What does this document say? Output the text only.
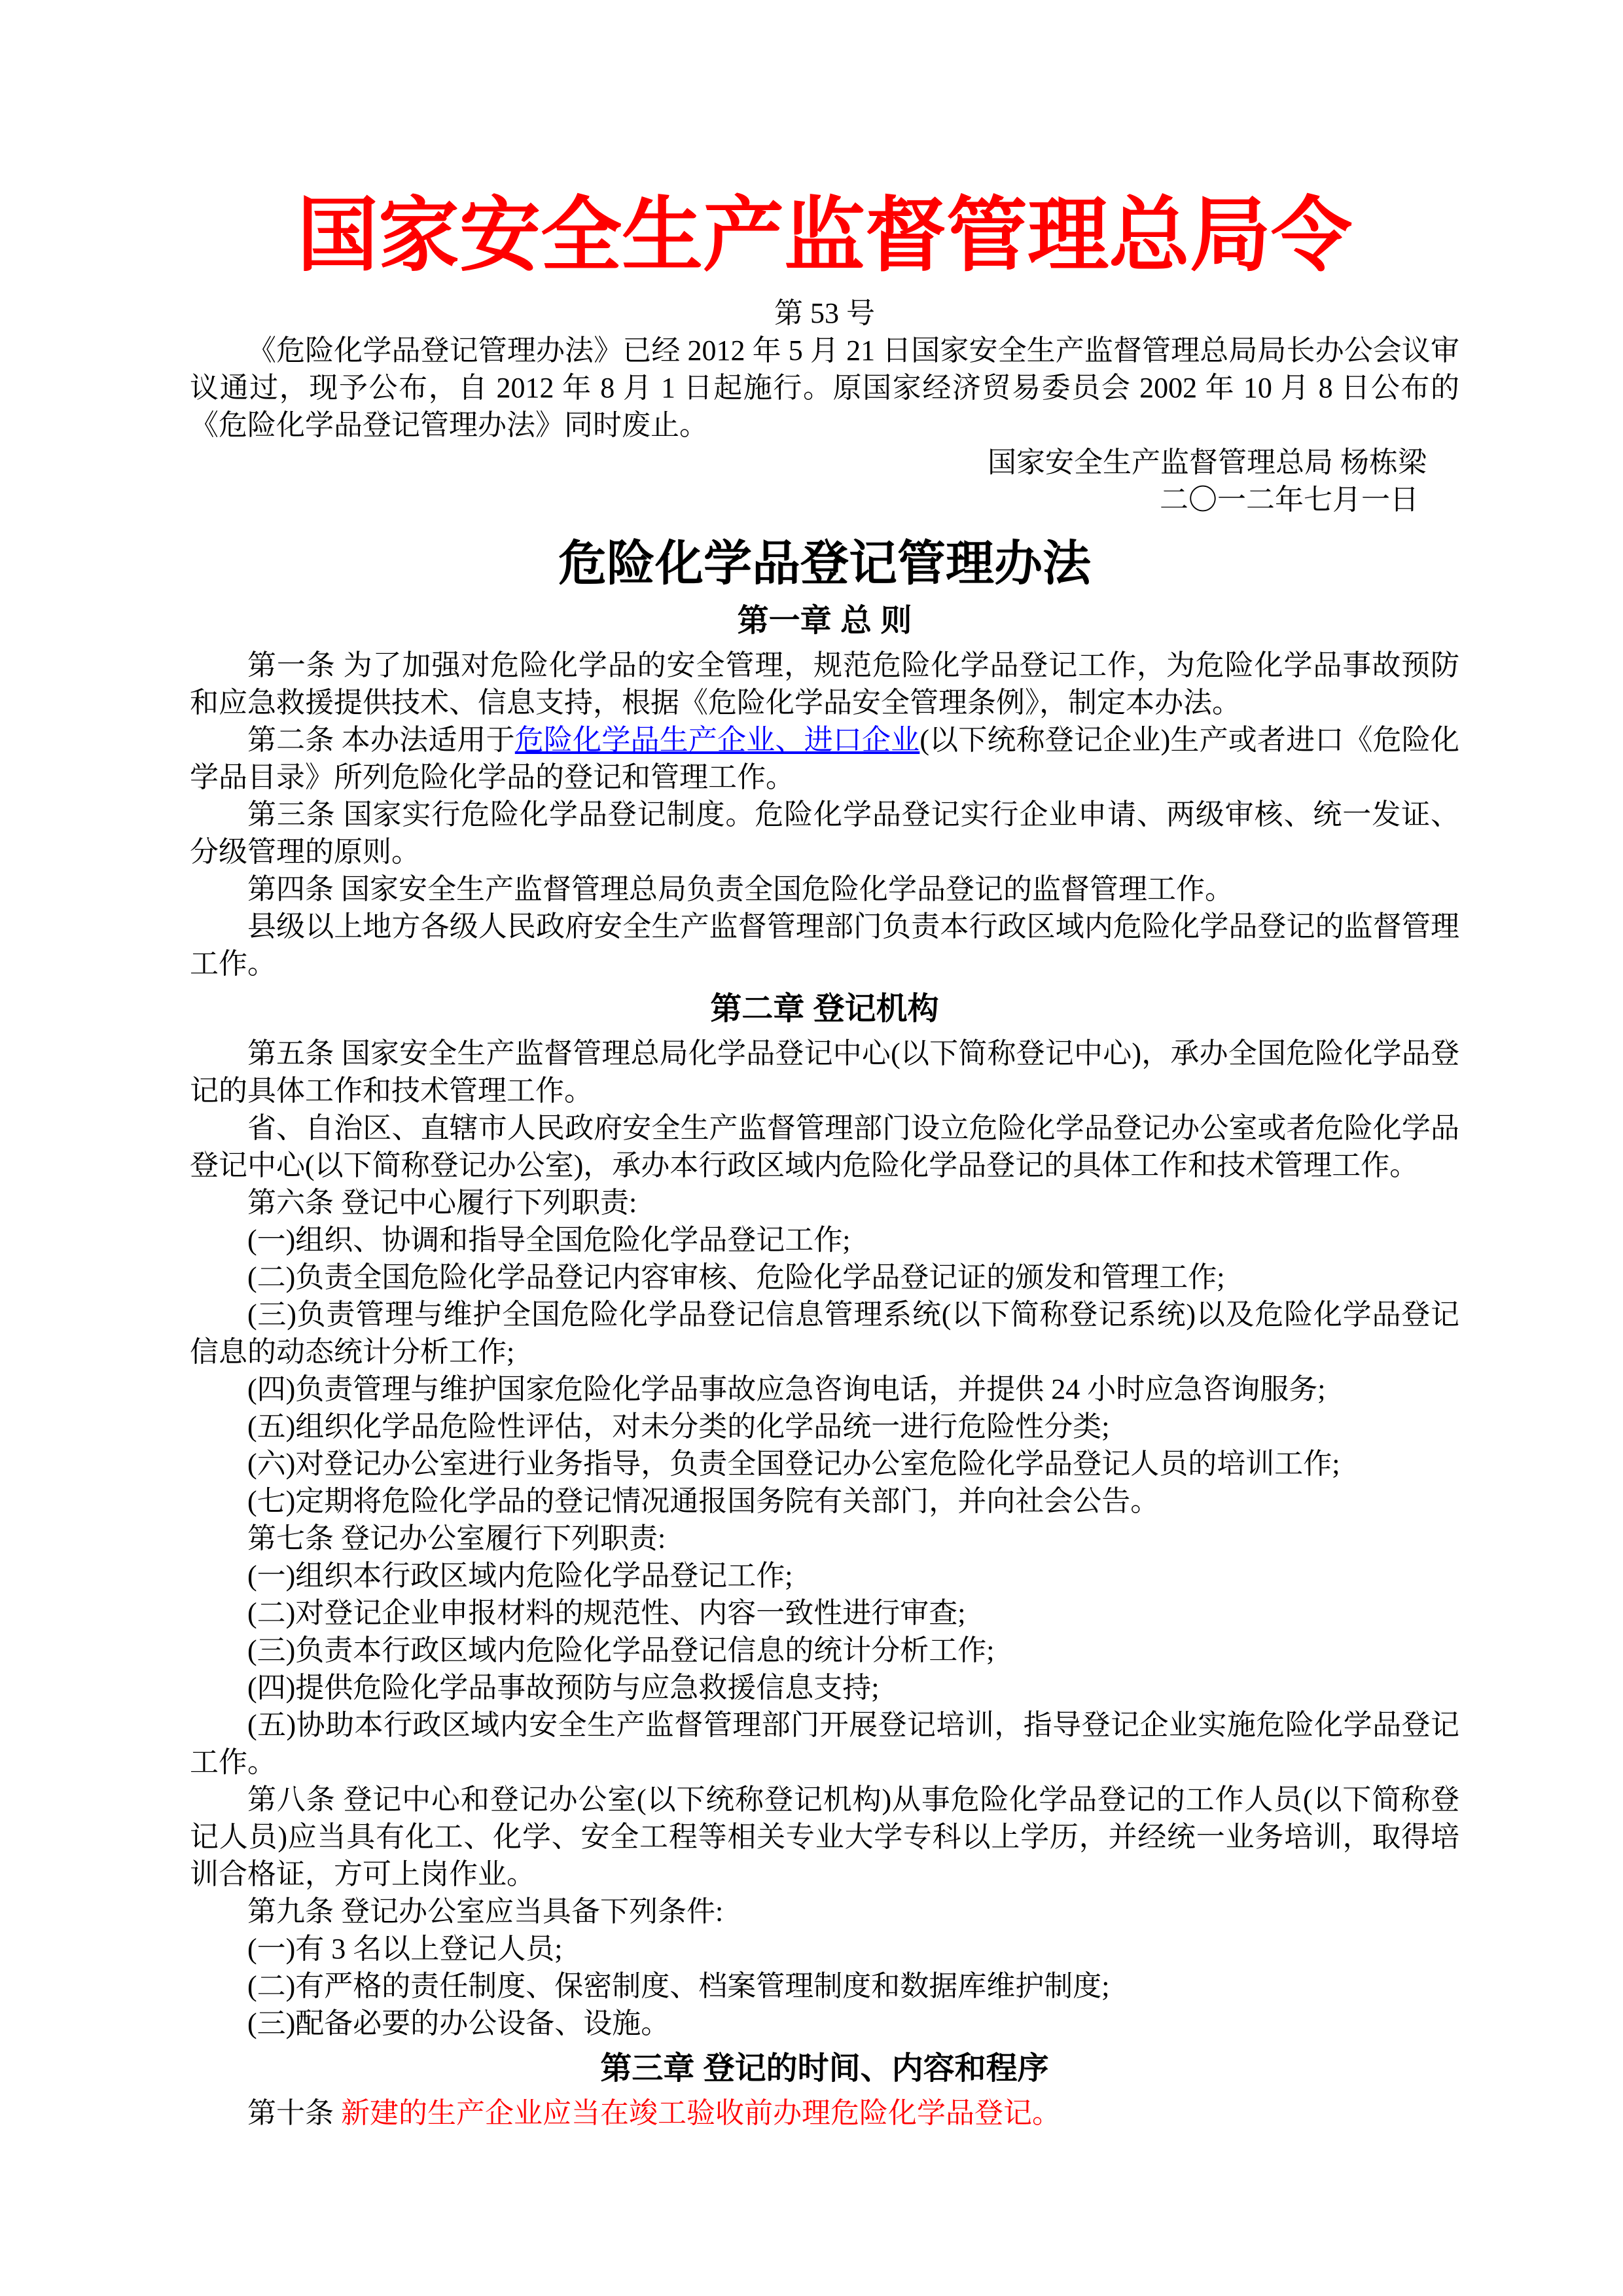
国家安全生产监督管理总局令
第 53 号

《危险化学品登记管理办法》已经 2012 年 5 月 21 日国家安全生产监督管理总局局长办公会议审议通过，现予公布，自 2012 年 8 月 1 日起施行。原国家经济贸易委员会 2002 年 10 月 8 日公布的《危险化学品登记管理办法》同时废止。

国家安全生产监督管理总局 杨栋梁
二〇一二年七月一日
危险化学品登记管理办法
第一章 总 则

第一条 为了加强对危险化学品的安全管理，规范危险化学品登记工作，为危险化学品事故预防和应急救援提供技术、信息支持，根据《危险化学品安全管理条例》，制定本办法。

第二条 本办法适用于危险化学品生产企业、进口企业(以下统称登记企业)生产或者进口《危险化学品目录》所列危险化学品的登记和管理工作。

第三条 国家实行危险化学品登记制度。危险化学品登记实行企业申请、两级审核、统一发证、分级管理的原则。

第四条 国家安全生产监督管理总局负责全国危险化学品登记的监督管理工作。

县级以上地方各级人民政府安全生产监督管理部门负责本行政区域内危险化学品登记的监督管理工作。

第二章 登记机构

第五条 国家安全生产监督管理总局化学品登记中心(以下简称登记中心)，承办全国危险化学品登记的具体工作和技术管理工作。

省、自治区、直辖市人民政府安全生产监督管理部门设立危险化学品登记办公室或者危险化学品登记中心(以下简称登记办公室)，承办本行政区域内危险化学品登记的具体工作和技术管理工作。

第六条 登记中心履行下列职责:

(一)组织、协调和指导全国危险化学品登记工作;

(二)负责全国危险化学品登记内容审核、危险化学品登记证的颁发和管理工作;

(三)负责管理与维护全国危险化学品登记信息管理系统(以下简称登记系统)以及危险化学品登记信息的动态统计分析工作;

(四)负责管理与维护国家危险化学品事故应急咨询电话，并提供 24 小时应急咨询服务;

(五)组织化学品危险性评估，对未分类的化学品统一进行危险性分类;

(六)对登记办公室进行业务指导，负责全国登记办公室危险化学品登记人员的培训工作;

(七)定期将危险化学品的登记情况通报国务院有关部门，并向社会公告。

第七条 登记办公室履行下列职责:

(一)组织本行政区域内危险化学品登记工作;

(二)对登记企业申报材料的规范性、内容一致性进行审查;

(三)负责本行政区域内危险化学品登记信息的统计分析工作;

(四)提供危险化学品事故预防与应急救援信息支持;

(五)协助本行政区域内安全生产监督管理部门开展登记培训，指导登记企业实施危险化学品登记工作。

第八条 登记中心和登记办公室(以下统称登记机构)从事危险化学品登记的工作人员(以下简称登记人员)应当具有化工、化学、安全工程等相关专业大学专科以上学历，并经统一业务培训，取得培训合格证，方可上岗作业。

第九条 登记办公室应当具备下列条件:

(一)有 3 名以上登记人员;

(二)有严格的责任制度、保密制度、档案管理制度和数据库维护制度;

(三)配备必要的办公设备、设施。

第三章 登记的时间、内容和程序

第十条 新建的生产企业应当在竣工验收前办理危险化学品登记。
